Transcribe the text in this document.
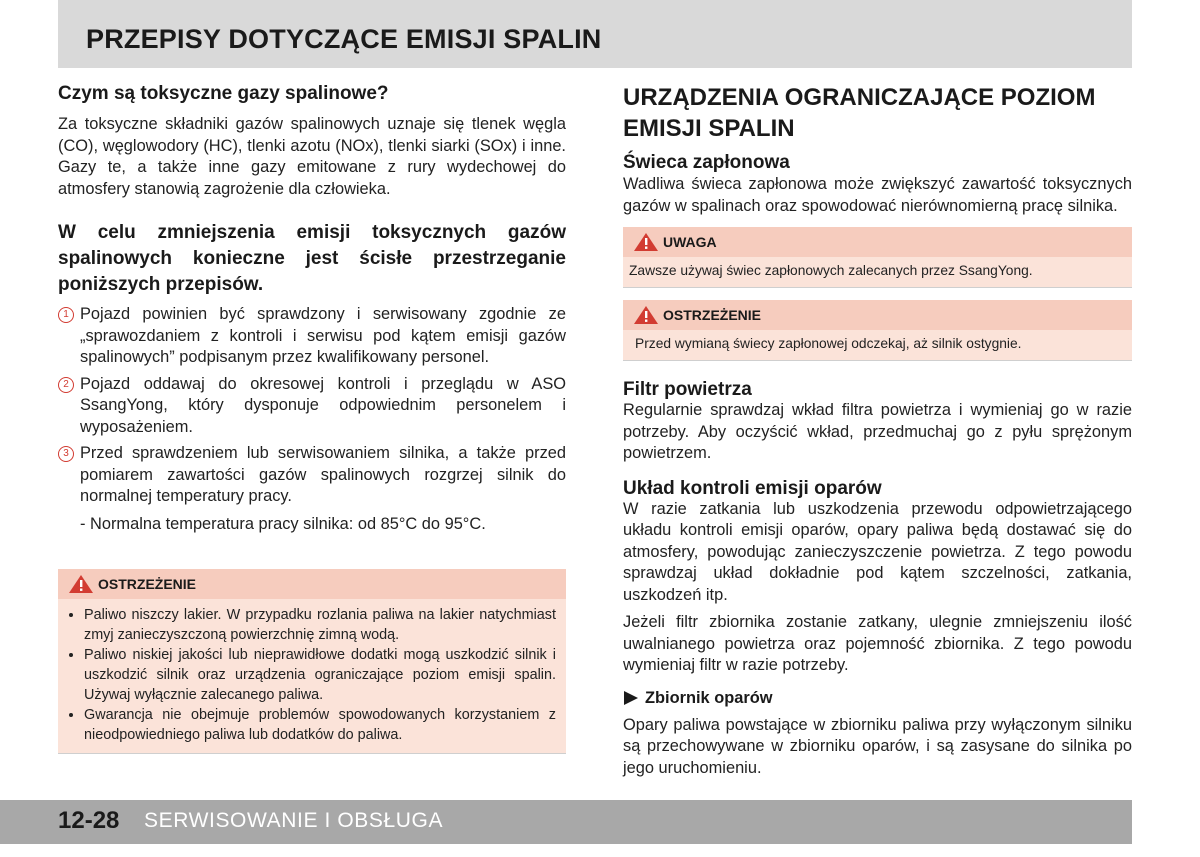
PRZEPISY DOTYCZĄCE EMISJI SPALIN
Czym są toksyczne gazy spalinowe?

Za toksyczne składniki gazów spalinowych uznaje się tlenek węgla (CO), węglowodory (HC), tlenki azotu (NOx), tlenki siarki (SOx) i inne. Gazy te, a także inne gazy emitowane z rury wydechowej do atmosfery stanowią zagrożenie dla człowieka.

W celu zmniejszenia emisji toksycznych gazów spalinowych konieczne jest ścisłe przestrzeganie poniższych przepisów.

1 Pojazd powinien być sprawdzony i serwisowany zgodnie ze „sprawozdaniem z kontroli i serwisu pod kątem emisji gazów spalinowych” podpisanym przez kwalifikowany personel.

2 Pojazd oddawaj do okresowej kontroli i przeglądu w ASO SsangYong, który dysponuje odpowiednim personelem i wyposażeniem.

3 Przed sprawdzeniem lub serwisowaniem silnika, a także przed pomiarem zawartości gazów spalinowych rozgrzej silnik do normalnej temperatury pracy.

- Normalna temperatura pracy silnika: od 85°C do 95°C.

OSTRZEŻENIE
• Paliwo niszczy lakier. W przypadku rozlania paliwa na lakier natychmiast zmyj zanieczyszczoną powierzchnię zimną wodą.
• Paliwo niskiej jakości lub nieprawidłowe dodatki mogą uszkodzić silnik i uszkodzić silnik oraz urządzenia ograniczające poziom emisji spalin. Używaj wyłącznie zalecanego paliwa.
• Gwarancja nie obejmuje problemów spowodowanych korzystaniem z nieodpowiedniego paliwa lub dodatków do paliwa.
URZĄDZENIA OGRANICZAJĄCE POZIOM EMISJI SPALIN
Świeca zapłonowa

Wadliwa świeca zapłonowa może zwiększyć zawartość toksycznych gazów w spalinach oraz spowodować nierównomierną pracę silnika.

UWAGA
Zawsze używaj świec zapłonowych zalecanych przez SsangYong.
OSTRZEŻENIE
Przed wymianą świecy zapłonowej odczekaj, aż silnik ostygnie.
Filtr powietrza

Regularnie sprawdzaj wkład filtra powietrza i wymieniaj go w razie potrzeby. Aby oczyścić wkład, przedmuchaj go z pyłu sprężonym powietrzem.

Układ kontroli emisji oparów

W razie zatkania lub uszkodzenia przewodu odpowietrzającego układu kontroli emisji oparów, opary paliwa będą dostawać się do atmosfery, powodując zanieczyszczenie powietrza. Z tego powodu sprawdzaj układ dokładnie pod kątem szczelności, zatkania, uszkodzeń itp.

Jeżeli filtr zbiornika zostanie zatkany, ulegnie zmniejszeniu ilość uwalnianego powietrza oraz pojemność zbiornika. Z tego powodu wymieniaj filtr w razie potrzeby.

Zbiornik oparów

Opary paliwa powstające w zbiorniku paliwa przy wyłączonym silniku są przechowywane w zbiorniku oparów, i są zasysane do silnika po jego uruchomieniu.

12-28 SERWISOWANIE I OBSŁUGA
